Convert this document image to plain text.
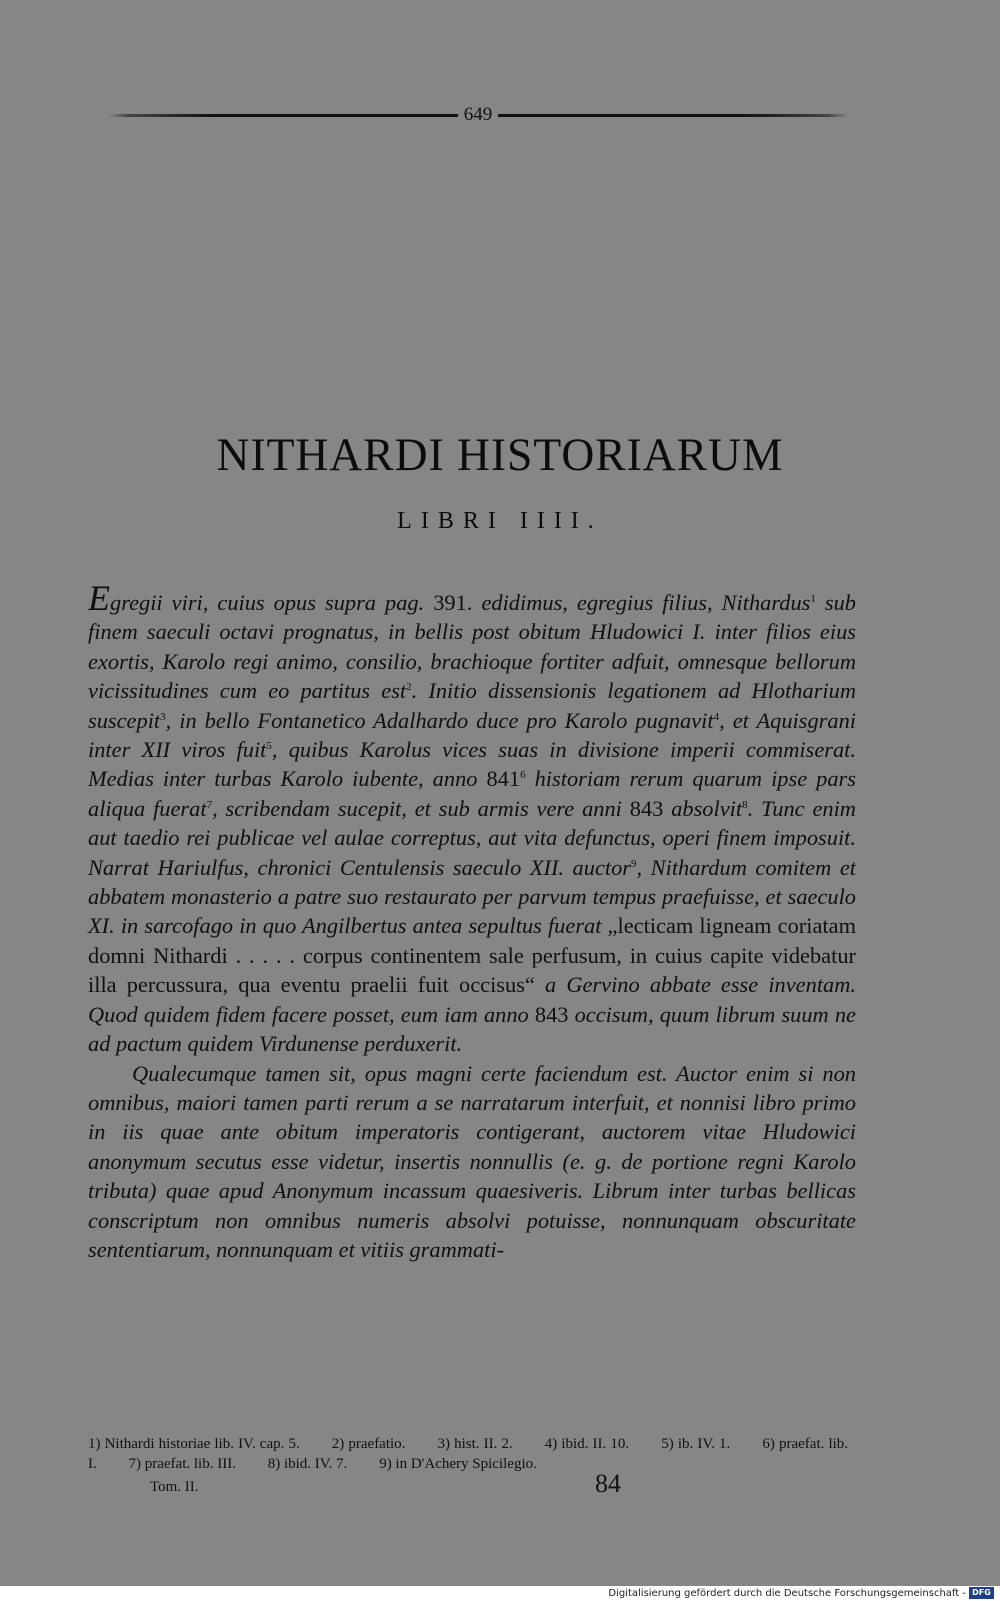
649
NITHARDI HISTORIARUM
LIBRI IIII.

Egregii viri, cuius opus supra pag. 391. edidimus, egregius filius, Nithardus$^1$ sub finem saeculi octavi prognatus, in bellis post obitum Hludowici I. inter filios eius exortis, Karolo regi animo, consilio, brachioque fortiter adfuit, omnesque bellorum vicissitudines cum eo partitus est$^2$. Initio dissensionis legationem ad Hlotharium suscepit$^3$, in bello Fontanetico Adalhardo duce pro Karolo pugnavit$^4$, et Aquisgrani inter XII viros fuit$^5$, quibus Karolus vices suas in divisione imperii commiserat. Medias inter turbas Karolo iubente, anno $841^6$ historiam rerum quarum ipse pars aliqua fuerat$^7$, scribendam sucepit, et sub armis vere anni 843 absolvit$^8$. Tunc enim aut taedio rei publicae vel aulae correptus, aut vita defunctus, operi finem imposuit. Narrat Hariulfus, chronici Centulensis saeculo XII. auctor$^9$, Nithardum comitem et abbatem monasterio a patre suo restaurato per parvum tempus praefuisse, et saeculo XI. in sarcofago in quo Angilbertus antea sepultus fuerat „lecticam ligneam coriatam domni Nithardi . . . . . corpus continentem sale perfusum, in cuius capite videbatur illa percussura, qua eventu praelii fuit occisus“ a Gervino abbate esse inventam. Quod quidem fidem facere posset, eum iam anno 843 occisum, quum librum suum ne ad pactum quidem Virdunense perduxerit.

Qualecumque tamen sit, opus magni certe faciendum est. Auctor enim si non omnibus, maiori tamen parti rerum a se narratarum interfuit, et nonnisi libro primo in iis quae ante obitum imperatoris contigerant, auctorem vitae Hludowici anonymum secutus esse videtur, insertis nonnullis (e. g. de portione regni Karolo tributa) quae apud Anonymum incassum quaesiveris. Librum inter turbas bellicas conscriptum non omnibus numeris absolvi potuisse, nonnunquam obscuritate sententiarum, nonnunquam et vitiis grammati-

1) Nithardi historiae lib. IV. cap. 5. 2) praefatio. 3) hist. II. 2. 4) ibid. II. 10. 5) ib. IV. 1. 6) praefat. lib. I. 7) praefat. lib. III. 8) ibid. IV. 7. 9) in D'Achery Spicilegio.
Tom. II.	84
Digitalisierung gefördert durch die Deutsche Forschungsgemeinschaft - DFG
